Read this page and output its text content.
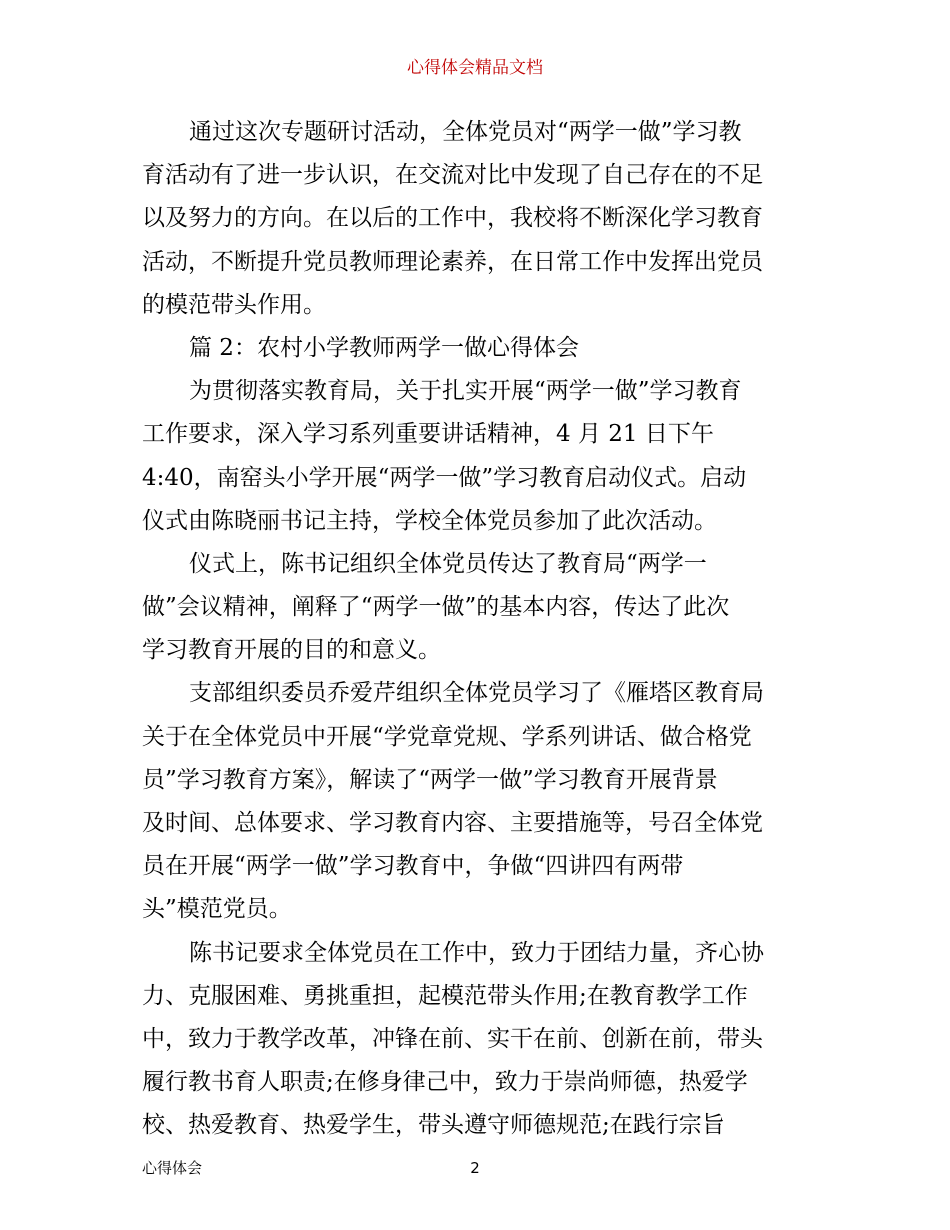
心得体会精品文档
通过这次专题研讨活动，全体党员对“两学一做”学习教
育活动有了进一步认识，在交流对比中发现了自己存在的不足
以及努力的方向。在以后的工作中，我校将不断深化学习教育
活动，不断提升党员教师理论素养，在日常工作中发挥出党员
的模范带头作用。
篇 2：农村小学教师两学一做心得体会
为贯彻落实教育局，关于扎实开展“两学一做”学习教育
工作要求，深入学习系列重要讲话精神，4 月 21 日下午
4:40，南窑头小学开展“两学一做”学习教育启动仪式。启动
仪式由陈晓丽书记主持，学校全体党员参加了此次活动。
仪式上，陈书记组织全体党员传达了教育局“两学一
做”会议精神，阐释了“两学一做”的基本内容，传达了此次
学习教育开展的目的和意义。
支部组织委员乔爱芹组织全体党员学习了《雁塔区教育局
关于在全体党员中开展“学党章党规、学系列讲话、做合格党
员”学习教育方案》，解读了“两学一做”学习教育开展背景
及时间、总体要求、学习教育内容、主要措施等，号召全体党
员在开展“两学一做”学习教育中，争做“四讲四有两带
头”模范党员。
陈书记要求全体党员在工作中，致力于团结力量，齐心协
力、克服困难、勇挑重担，起模范带头作用;在教育教学工作
中，致力于教学改革，冲锋在前、实干在前、创新在前，带头
履行教书育人职责;在修身律己中，致力于崇尚师德，热爱学
校、热爱教育、热爱学生，带头遵守师德规范;在践行宗旨
心得体会	2
